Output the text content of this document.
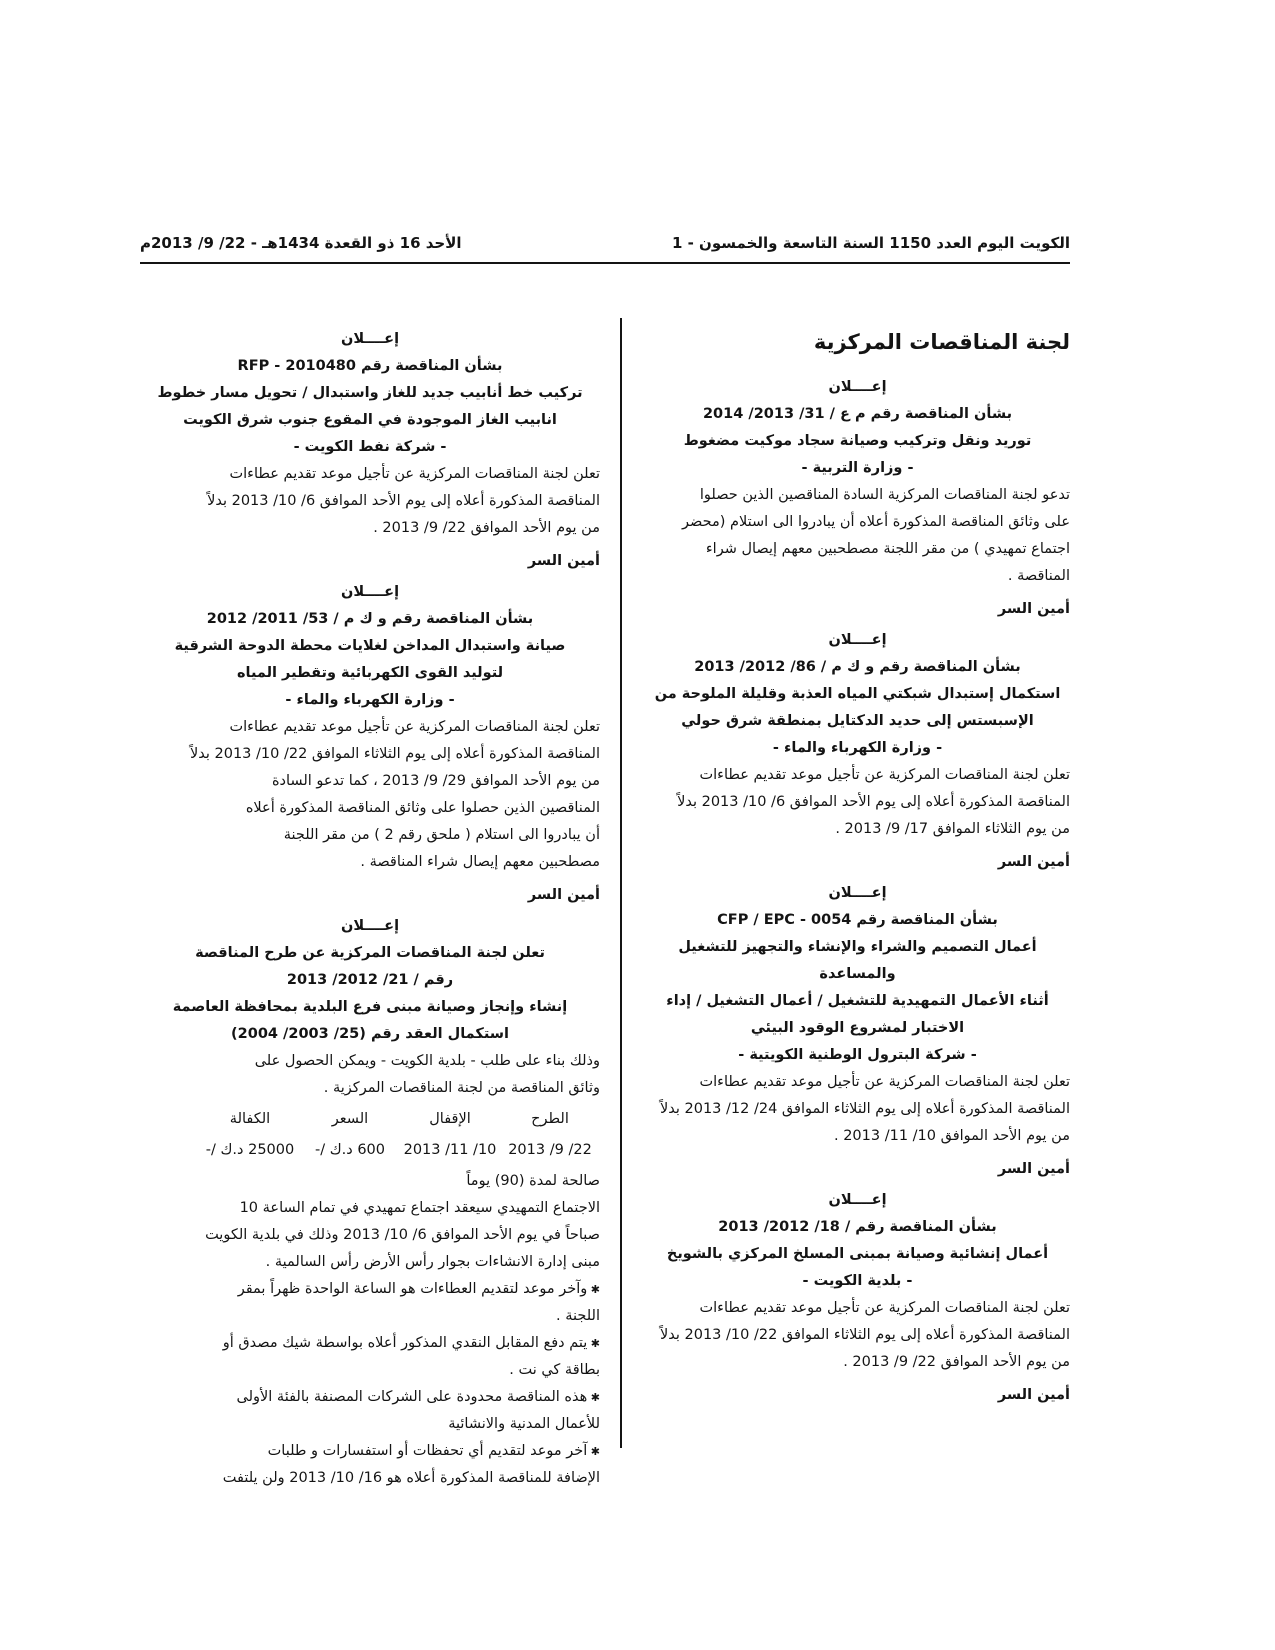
الكويت اليوم العدد 1150 السنة التاسعة والخمسون - 1
الأحد 16 ذو القعدة 1434هـ - 22/ 9/ 2013م
لجنة المناقصات المركزية
إعــــلان
بشأن المناقصة رقم م ع / 31/ 2013/ 2014
توريد ونقل وتركيب وصيانة سجاد موكيت مضغوط
- وزارة التربية -
تدعو لجنة المناقصات المركزية السادة المناقصين الذين حصلوا
على وثائق المناقصة المذكورة أعلاه أن يبادروا الى استلام (محضر
اجتماع تمهيدي ) من مقر اللجنة مصطحبين معهم إيصال شراء
المناقصة .
أمين السر
إعــــلان
بشأن المناقصة رقم و ك م / 86/ 2012/ 2013
استكمال إستبدال شبكتي المياه العذبة وقليلة الملوحة من
الإسبستس إلى حديد الدكتايل بمنطقة شرق حولي
- وزارة الكهرباء والماء -
تعلن لجنة المناقصات المركزية عن تأجيل موعد تقديم عطاءات
المناقصة المذكورة أعلاه إلى يوم الأحد الموافق 6/ 10/ 2013 بدلاً
من يوم الثلاثاء الموافق 17/ 9/ 2013 .
أمين السر
إعــــلان
بشأن المناقصة رقم CFP / EPC - 0054
أعمال التصميم والشراء والإنشاء والتجهيز للتشغيل والمساعدة
أثناء الأعمال التمهيدية للتشغيل / أعمال التشغيل / إداء
الاختبار لمشروع الوقود البيئي
- شركة البترول الوطنية الكويتية -
تعلن لجنة المناقصات المركزية عن تأجيل موعد تقديم عطاءات
المناقصة المذكورة أعلاه إلى يوم الثلاثاء الموافق 24/ 12/ 2013 بدلاً
من يوم الأحد الموافق 10/ 11/ 2013 .
أمين السر
إعــــلان
بشأن المناقصة رقم / 18/ 2012/ 2013
أعمال إنشائية وصيانة بمبنى المسلخ المركزي بالشويخ
- بلدية الكويت -
تعلن لجنة المناقصات المركزية عن تأجيل موعد تقديم عطاءات
المناقصة المذكورة أعلاه إلى يوم الثلاثاء الموافق 22/ 10/ 2013 بدلاً
من يوم الأحد الموافق 22/ 9/ 2013 .
أمين السر
إعــــلان
بشأن المناقصة رقم RFP - 2010480
تركيب خط أنابيب جديد للغاز واستبدال / تحويل مسار خطوط
انابيب الغاز الموجودة في المقوع جنوب شرق الكويت
- شركة نفط الكويت -
تعلن لجنة المناقصات المركزية عن تأجيل موعد تقديم عطاءات
المناقصة المذكورة أعلاه إلى يوم الأحد الموافق 6/ 10/ 2013 بدلاً
من يوم الأحد الموافق 22/ 9/ 2013 .
أمين السر
إعــــلان
بشأن المناقصة رقم و ك م / 53/ 2011/ 2012
صيانة واستبدال المداخن لغلايات محطة الدوحة الشرقية
لتوليد القوى الكهربائية وتقطير المياه
- وزارة الكهرباء والماء -
تعلن لجنة المناقصات المركزية عن تأجيل موعد تقديم عطاءات
المناقصة المذكورة أعلاه إلى يوم الثلاثاء الموافق 22/ 10/ 2013 بدلاً
من يوم الأحد الموافق 29/ 9/ 2013 ، كما تدعو السادة
المناقصين الذين حصلوا على وثائق المناقصة المذكورة أعلاه
أن يبادروا الى استلام ( ملحق رقم 2 ) من مقر اللجنة
مصطحبين معهم إيصال شراء المناقصة .
أمين السر
إعــــلان
تعلن لجنة المناقصات المركزية عن طرح المناقصة
رقم / 21/ 2012/ 2013
إنشاء وإنجاز وصيانة مبنى فرع البلدية بمحافظة العاصمة
استكمال العقد رقم (25/ 2003/ 2004)
وذلك بناء على طلب - بلدية الكويت - ويمكن الحصول على
وثائق المناقصة من لجنة المناقصات المركزية .
الطرح
الإقفال
السعر
الكفالة
22/ 9/ 2013
10/ 11/ 2013
600 د.ك /-
25000 د.ك /-
صالحة لمدة (90) يوماً
الاجتماع التمهيدي سيعقد اجتماع تمهيدي في تمام الساعة 10
صباحاً في يوم الأحد الموافق 6/ 10/ 2013 وذلك في بلدية الكويت
مبنى إدارة الانشاءات بجوار رأس الأرض رأس السالمية .
✱ وآخر موعد لتقديم العطاءات هو الساعة الواحدة ظهراً بمقر
اللجنة .
✱ يتم دفع المقابل النقدي المذكور أعلاه بواسطة شيك مصدق أو
بطاقة كي نت .
✱ هذه المناقصة محدودة على الشركات المصنفة بالفئة الأولى
للأعمال المدنية والانشائية
✱ آخر موعد لتقديم أي تحفظات أو استفسارات و طلبات
الإضافة للمناقصة المذكورة أعلاه هو 16/ 10/ 2013 ولن يلتفت
